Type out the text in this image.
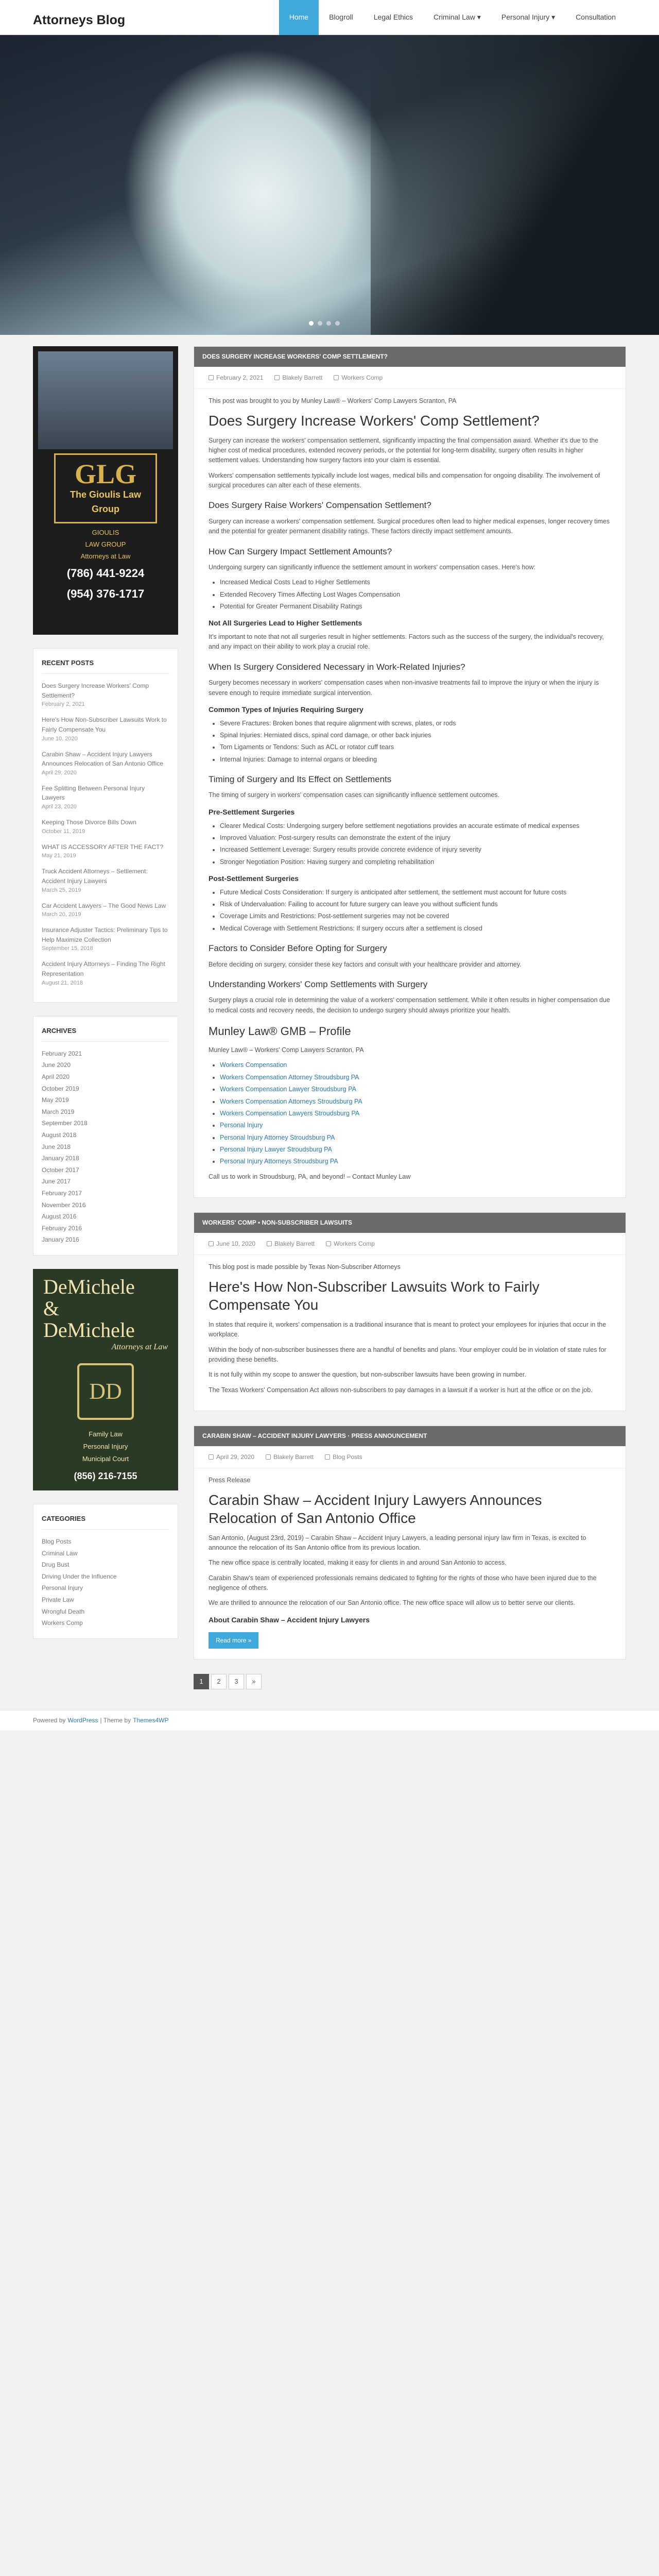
Attorneys Blog	Home	Blogroll	Legal Ethics	Criminal Law ▾	Personal Injury ▾	Consultation
GLG
The Gioulis Law Group
GIOULIS
LAW GROUP
Attorneys at Law
(786) 441-9224
(954) 376-1717
RECENT POSTS
Does Surgery Increase Workers' Comp Settlement?
February 2, 2021
Here's How Non-Subscriber Lawsuits Work to Fairly Compensate You
June 10, 2020
Carabin Shaw – Accident Injury Lawyers Announces Relocation of San Antonio Office
April 29, 2020
Fee Splitting Between Personal Injury Lawyers
April 23, 2020
Keeping Those Divorce Bills Down
October 11, 2019
WHAT IS ACCESSORY AFTER THE FACT?
May 21, 2019
Truck Accident Attorneys – Settlement: Accident Injury Lawyers
March 25, 2019
Car Accident Lawyers – The Good News Law
March 20, 2019
Insurance Adjuster Tactics: Preliminary Tips to Help Maximize Collection
September 15, 2018
Accident Injury Attorneys – Finding The Right Representation
August 21, 2018
ARCHIVES
February 2021
June 2020
April 2020
October 2019
May 2019
March 2019
September 2018
August 2018
June 2018
January 2018
October 2017
June 2017
February 2017
November 2016
August 2016
February 2016
January 2016
DeMichele
&
DeMichele
Attorneys at Law
DD
Family Law
Personal Injury
Municipal Court
(856) 216-7155
CATEGORIES
Blog Posts
Criminal Law
Drug Bust
Driving Under the Influence
Personal Injury
Private Law
Wrongful Death
Workers Comp
DOES SURGERY INCREASE WORKERS' COMP SETTLEMENT?
February 2, 2021	Blakely Barrett	Workers Comp

This post was brought to you by Munley Law® – Workers' Comp Lawyers Scranton, PA

Does Surgery Increase Workers' Comp Settlement?

Surgery can increase the workers' compensation settlement, significantly impacting the final compensation award. Whether it's due to the higher cost of medical procedures, extended recovery periods, or the potential for long-term disability, surgery often results in higher settlement values. Understanding how surgery factors into your claim is essential.

Workers' compensation settlements typically include lost wages, medical bills and compensation for ongoing disability. The involvement of surgical procedures can alter each of these elements.

Does Surgery Raise Workers' Compensation Settlement?

Surgery can increase a workers' compensation settlement. Surgical procedures often lead to higher medical expenses, longer recovery times and the potential for greater permanent disability ratings. These factors directly impact settlement amounts.

How Can Surgery Impact Settlement Amounts?

Undergoing surgery can significantly influence the settlement amount in workers' compensation cases. Here's how:

• Increased Medical Costs Lead to Higher Settlements
• Extended Recovery Times Affecting Lost Wages Compensation
• Potential for Greater Permanent Disability Ratings
Not All Surgeries Lead to Higher Settlements

It's important to note that not all surgeries result in higher settlements. Factors such as the success of the surgery, the individual's recovery, and any impact on their ability to work play a crucial role.

When Is Surgery Considered Necessary in Work-Related Injuries?

Surgery becomes necessary in workers' compensation cases when non-invasive treatments fail to improve the injury or when the injury is severe enough to require immediate surgical intervention.

Common Types of Injuries Requiring Surgery
• Severe Fractures: Broken bones that require alignment with screws, plates, or rods
• Spinal Injuries: Herniated discs, spinal cord damage, or other back injuries
• Torn Ligaments or Tendons: Such as ACL or rotator cuff tears
• Internal Injuries: Damage to internal organs or bleeding
Timing of Surgery and Its Effect on Settlements

The timing of surgery in workers' compensation cases can significantly influence settlement outcomes.

Pre-Settlement Surgeries
• Clearer Medical Costs: Undergoing surgery before settlement negotiations provides an accurate estimate of medical expenses
• Improved Valuation: Post-surgery results can demonstrate the extent of the injury
• Increased Settlement Leverage: Surgery results provide concrete evidence of injury severity
• Stronger Negotiation Position: Having surgery and completing rehabilitation
Post-Settlement Surgeries
• Future Medical Costs Consideration: If surgery is anticipated after settlement, the settlement must account for future costs
• Risk of Undervaluation: Failing to account for future surgery can leave you without sufficient funds
• Coverage Limits and Restrictions: Post-settlement surgeries may not be covered
• Medical Coverage with Settlement Restrictions: If surgery occurs after a settlement is closed
Factors to Consider Before Opting for Surgery

Before deciding on surgery, consider these key factors and consult with your healthcare provider and attorney.

Understanding Workers' Comp Settlements with Surgery

Surgery plays a crucial role in determining the value of a workers' compensation settlement. While it often results in higher compensation due to medical costs and recovery needs, the decision to undergo surgery should always prioritize your health.

Munley Law® GMB – Profile

Munley Law® – Workers' Comp Lawyers Scranton, PA

• Workers Compensation
• Workers Compensation Attorney Stroudsburg PA
• Workers Compensation Lawyer Stroudsburg PA
• Workers Compensation Attorneys Stroudsburg PA
• Workers Compensation Lawyers Stroudsburg PA
• Personal Injury
• Personal Injury Attorney Stroudsburg PA
• Personal Injury Lawyer Stroudsburg PA
• Personal Injury Attorneys Stroudsburg PA

Call us to work in Stroudsburg, PA, and beyond! – Contact Munley Law

WORKERS' COMP • NON-SUBSCRIBER LAWSUITS
June 10, 2020	Blakely Barrett	Workers Comp

This blog post is made possible by Texas Non-Subscriber Attorneys

Here's How Non-Subscriber Lawsuits Work to Fairly Compensate You

In states that require it, workers' compensation is a traditional insurance that is meant to protect your employees for injuries that occur in the workplace.

Within the body of non-subscriber businesses there are a handful of benefits and plans. Your employer could be in violation of state rules for providing these benefits.

It is not fully within my scope to answer the question, but non-subscriber lawsuits have been growing in number.

The Texas Workers' Compensation Act allows non-subscribers to pay damages in a lawsuit if a worker is hurt at the office or on the job.

CARABIN SHAW – ACCIDENT INJURY LAWYERS · PRESS ANNOUNCEMENT
April 29, 2020	Blakely Barrett	Blog Posts

Press Release

Carabin Shaw – Accident Injury Lawyers Announces Relocation of San Antonio Office

San Antonio, (August 23rd, 2019) – Carabin Shaw – Accident Injury Lawyers, a leading personal injury law firm in Texas, is excited to announce the relocation of its San Antonio office from its previous location.

The new office space is centrally located, making it easy for clients in and around San Antonio to access.

Carabin Shaw's team of experienced professionals remains dedicated to fighting for the rights of those who have been injured due to the negligence of others.

We are thrilled to announce the relocation of our San Antonio office. The new office space will allow us to better serve our clients.

About Carabin Shaw – Accident Injury Lawyers
Read more »
1	2	3	»
Powered by WordPress | Theme by Themes4WP
